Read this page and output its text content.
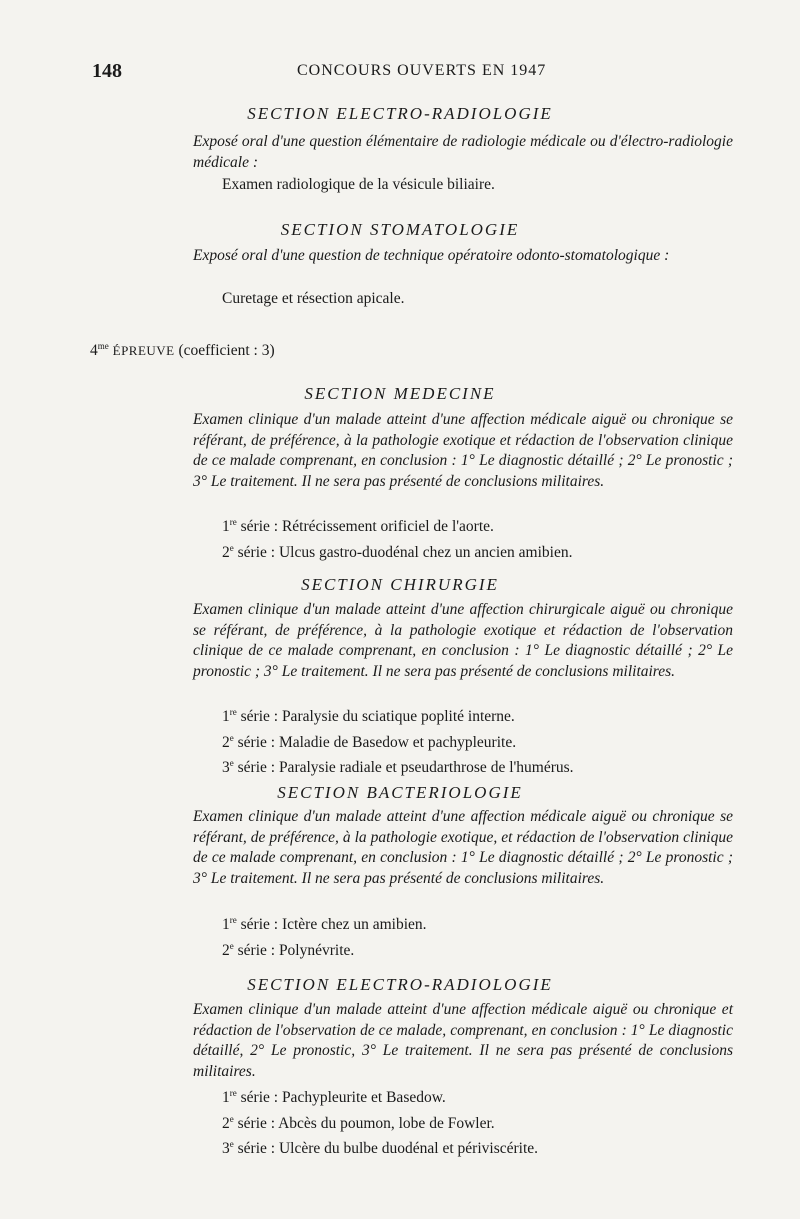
148	CONCOURS OUVERTS EN 1947
SECTION ELECTRO-RADIOLOGIE
Exposé oral d'une question élémentaire de radiologie médicale ou d'électro-radiologie médicale :
Examen radiologique de la vésicule biliaire.
SECTION STOMATOLOGIE
Exposé oral d'une question de technique opératoire odonto-stomatologique :
Curetage et résection apicale.
$4^{me}$ ÉPREUVE (coefficient : 3)
SECTION MEDECINE
Examen clinique d'un malade atteint d'une affection médicale aiguë ou chronique se référant, de préférence, à la pathologie exotique et rédaction de l'observation clinique de ce malade comprenant, en conclusion : 1° Le diagnostic détaillé ; 2° Le pronostic ; 3° Le traitement. Il ne sera pas présenté de conclusions militaires.
1re série : Rétrécissement orificiel de l'aorte.
2e série : Ulcus gastro-duodénal chez un ancien amibien.
SECTION CHIRURGIE
Examen clinique d'un malade atteint d'une affection chirurgicale aiguë ou chronique se référant, de préférence, à la pathologie exotique et rédaction de l'observation clinique de ce malade comprenant, en conclusion : 1° Le diagnostic détaillé ; 2° Le pronostic ; 3° Le traitement. Il ne sera pas présenté de conclusions militaires.
1re série : Paralysie du sciatique poplité interne.
2e série : Maladie de Basedow et pachypleurite.
3e série : Paralysie radiale et pseudarthrose de l'humérus.
SECTION BACTERIOLOGIE
Examen clinique d'un malade atteint d'une affection médicale aiguë ou chronique se référant, de préférence, à la pathologie exotique, et rédaction de l'observation clinique de ce malade comprenant, en conclusion : 1° Le diagnostic détaillé ; 2° Le pronostic ; 3° Le traitement. Il ne sera pas présenté de conclusions militaires.
1re série : Ictère chez un amibien.
2e série : Polynévrite.
SECTION ELECTRO-RADIOLOGIE
Examen clinique d'un malade atteint d'une affection médicale aiguë ou chronique et rédaction de l'observation de ce malade, comprenant, en conclusion : 1° Le diagnostic détaillé, 2° Le pronostic, 3° Le traitement. Il ne sera pas présenté de conclusions militaires.
1re série : Pachypleurite et Basedow.
2e série : Abcès du poumon, lobe de Fowler.
3e série : Ulcère du bulbe duodénal et périviscérite.
